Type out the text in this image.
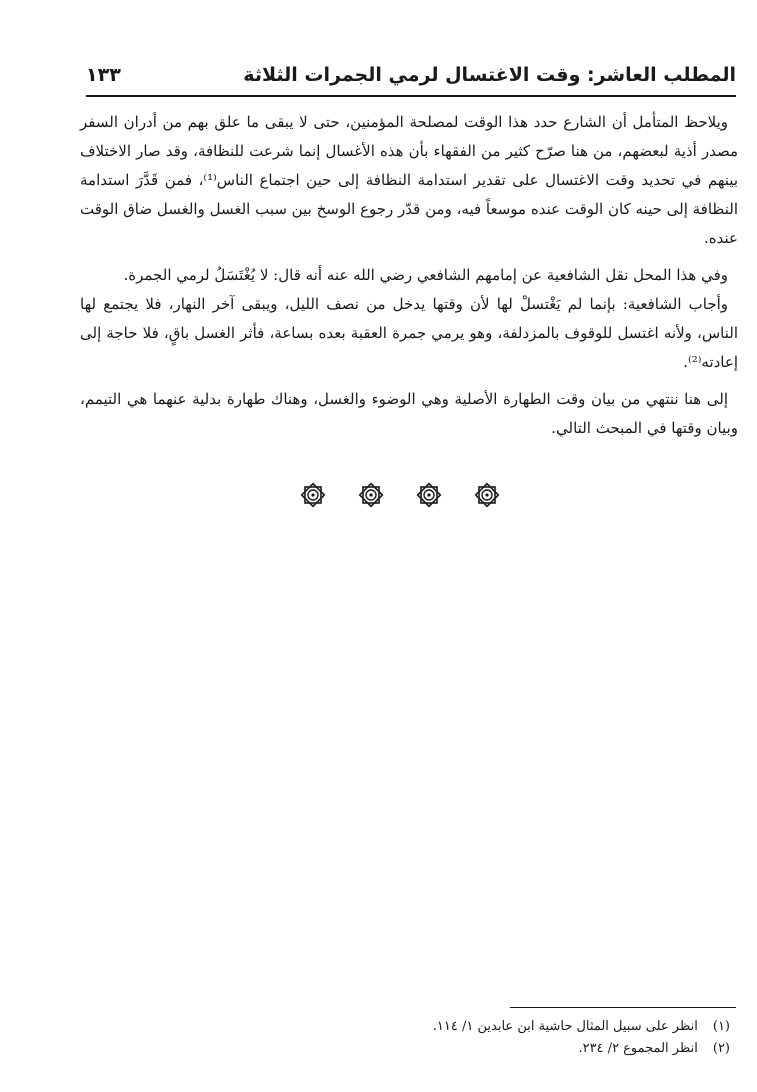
المطلب العاشر: وقت الاغتسال لرمي الجمرات الثلاثة
١٣٣

ويلاحظ المتأمل أن الشارع حدد هذا الوقت لمصلحة المؤمنين، حتى لا يبقى ما علق بهم من أدران السفر مصدر أذية لبعضهم، من هنا صرّح كثير من الفقهاء بأن هذه الأغسال إنما شرعت للنظافة، وقد صار الاختلاف بينهم في تحديد وقت الاغتسال على تقدير استدامة النظافة إلى حين اجتماع الناس⁽¹⁾، فمن قَدَّرَ استدامة النظافة إلى حينه كان الوقت عنده موسعاً فيه، ومن قدّر رجوع الوسخ بين سبب الغسل والغسل ضاق الوقت عنده.

وفي هذا المحل نقل الشافعية عن إمامهم الشافعي رضي الله عنه أنه قال: لا يُغْتَسَلُ لرمي الجمرة.

وأجاب الشافعية: بإنما لم يَغْتسلْ لها لأن وقتها يدخل من نصف الليل، ويبقى آخر النهار، فلا يجتمع لها الناس، ولأنه اغتسل للوقوف بالمزدلفة، وهو يرمي جمرة العقبة بعده بساعة، فأثر الغسل باقٍ، فلا حاجة إلى إعادته⁽²⁾.

إلى هنا ننتهي من بيان وقت الطهارة الأصلية وهي الوضوء والغسل، وهناك طهارة بدلية عنهما هي التيمم، وبيان وقتها في المبحث التالي.

(١) انظر على سبيل المثال حاشية ابن عابدين ١/ ١١٤.
(٢) انظر المجموع ٢/ ٢٣٤.
